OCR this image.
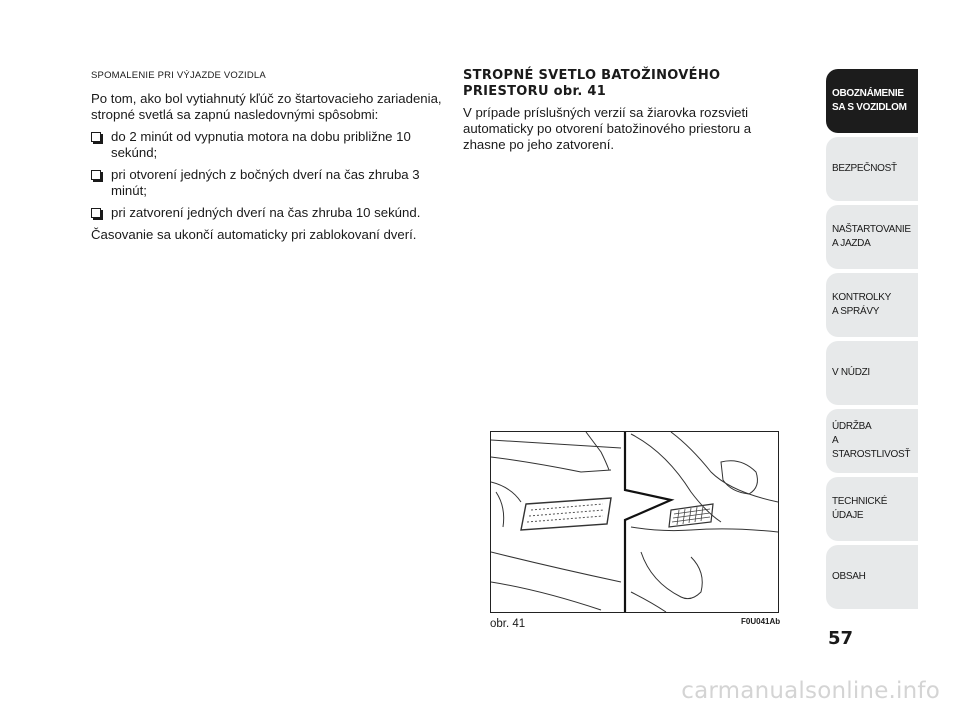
SPOMALENIE PRI VÝJAZDE VOZIDLA

Po tom, ako bol vytiahnutý kľúč zo štartovacieho zariadenia, stropné svetlá sa zapnú nasledovnými spôsobmi:

do 2 minút od vypnutia motora na dobu približne 10 sekúnd;
pri otvorení jedných z bočných dverí na čas zhruba 3 minút;
pri zatvorení jedných dverí na čas zhruba 10 sekúnd.

Časovanie sa ukončí automaticky pri zablokovaní dverí.

STROPNÉ SVETLO BATOŽINOVÉHO PRIESTORU obr. 41

V prípade príslušných verzií sa žiarovka rozsvieti automaticky po otvorení batožinového priestoru a zhasne po jeho zatvorení.

obr. 41	F0U041Ab
OBOZNÁMENIE
SA S VOZIDLOM
BEZPEČNOSŤ
NAŠTARTOVANIE
A JAZDA
KONTROLKY
A SPRÁVY
V NÚDZI
ÚDRŽBA
A STAROSTLIVOSŤ
TECHNICKÉ
ÚDAJE
OBSAH
57
carmanualsonline.info
